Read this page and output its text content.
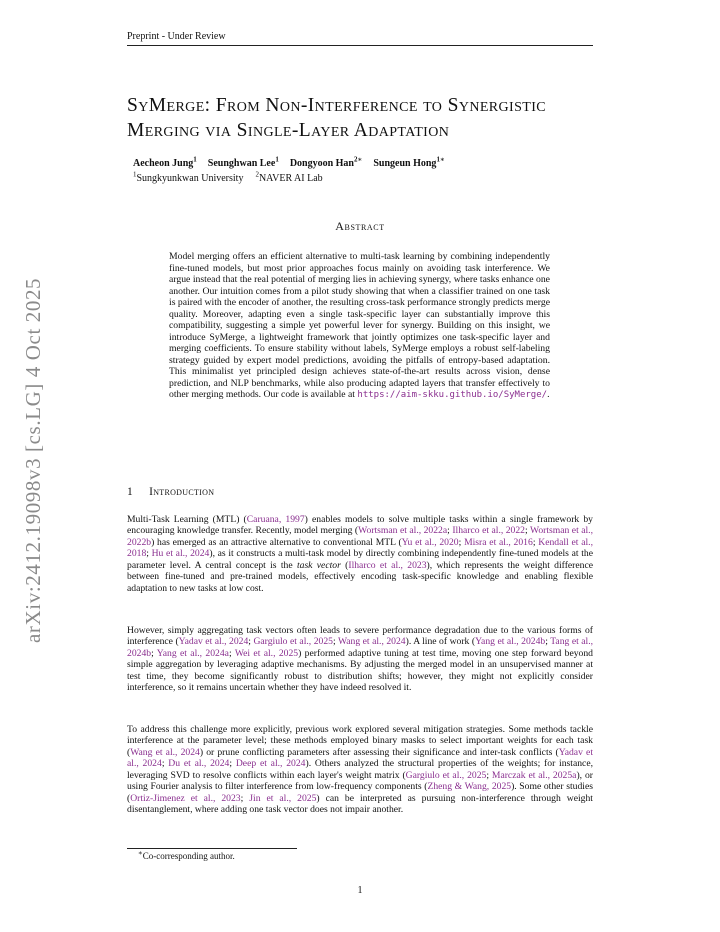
Preprint - Under Review
arXiv:2412.19098v3 [cs.LG] 4 Oct 2025
SyMerge: From Non-Interference to Synergistic Merging via Single-Layer Adaptation
Aecheon Jung$^1$ Seunghwan Lee$^1$ Dongyoon Han$^{2∗}$ Sungeun Hong$^{1∗}$
$^1$Sungkyunkwan University $^2$NAVER AI Lab
Abstract
Model merging offers an efficient alternative to multi-task learning by combining independently fine-tuned models, but most prior approaches focus mainly on avoiding task interference. We argue instead that the real potential of merging lies in achieving synergy, where tasks enhance one another. Our intuition comes from a pilot study showing that when a classifier trained on one task is paired with the encoder of another, the resulting cross-task performance strongly predicts merge quality. Moreover, adapting even a single task-specific layer can substantially improve this compatibility, suggesting a simple yet powerful lever for synergy. Building on this insight, we introduce SyMerge, a lightweight framework that jointly optimizes one task-specific layer and merging coefficients. To ensure stability without labels, SyMerge employs a robust self-labeling strategy guided by expert model predictions, avoiding the pitfalls of entropy-based adaptation. This minimalist yet principled design achieves state-of-the-art results across vision, dense prediction, and NLP benchmarks, while also producing adapted layers that transfer effectively to other merging methods. Our code is available at https://aim-skku.github.io/SyMerge/.
1 Introduction

Multi-Task Learning (MTL) (Caruana, 1997) enables models to solve multiple tasks within a single framework by encouraging knowledge transfer. Recently, model merging (Wortsman et al., 2022a; Ilharco et al., 2022; Wortsman et al., 2022b) has emerged as an attractive alternative to conventional MTL (Yu et al., 2020; Misra et al., 2016; Kendall et al., 2018; Hu et al., 2024), as it constructs a multi-task model by directly combining independently fine-tuned models at the parameter level. A central concept is the task vector (Ilharco et al., 2023), which represents the weight difference between fine-tuned and pre-trained models, effectively encoding task-specific knowledge and enabling flexible adaptation to new tasks at low cost.

However, simply aggregating task vectors often leads to severe performance degradation due to the various forms of interference (Yadav et al., 2024; Gargiulo et al., 2025; Wang et al., 2024). A line of work (Yang et al., 2024b; Tang et al., 2024b; Yang et al., 2024a; Wei et al., 2025) performed adaptive tuning at test time, moving one step forward beyond simple aggregation by leveraging adaptive mechanisms. By adjusting the merged model in an unsupervised manner at test time, they become significantly robust to distribution shifts; however, they might not explicitly consider interference, so it remains uncertain whether they have indeed resolved it.

To address this challenge more explicitly, previous work explored several mitigation strategies. Some methods tackle interference at the parameter level; these methods employed binary masks to select important weights for each task (Wang et al., 2024) or prune conflicting parameters after assessing their significance and inter-task conflicts (Yadav et al., 2024; Du et al., 2024; Deep et al., 2024). Others analyzed the structural properties of the weights; for instance, leveraging SVD to resolve conflicts within each layer's weight matrix (Gargiulo et al., 2025; Marczak et al., 2025a), or using Fourier analysis to filter interference from low-frequency components (Zheng & Wang, 2025). Some other studies (Ortiz-Jimenez et al., 2023; Jin et al., 2025) can be interpreted as pursuing non-interference through weight disentanglement, where adding one task vector does not impair another.

∗Co-corresponding author.
1
